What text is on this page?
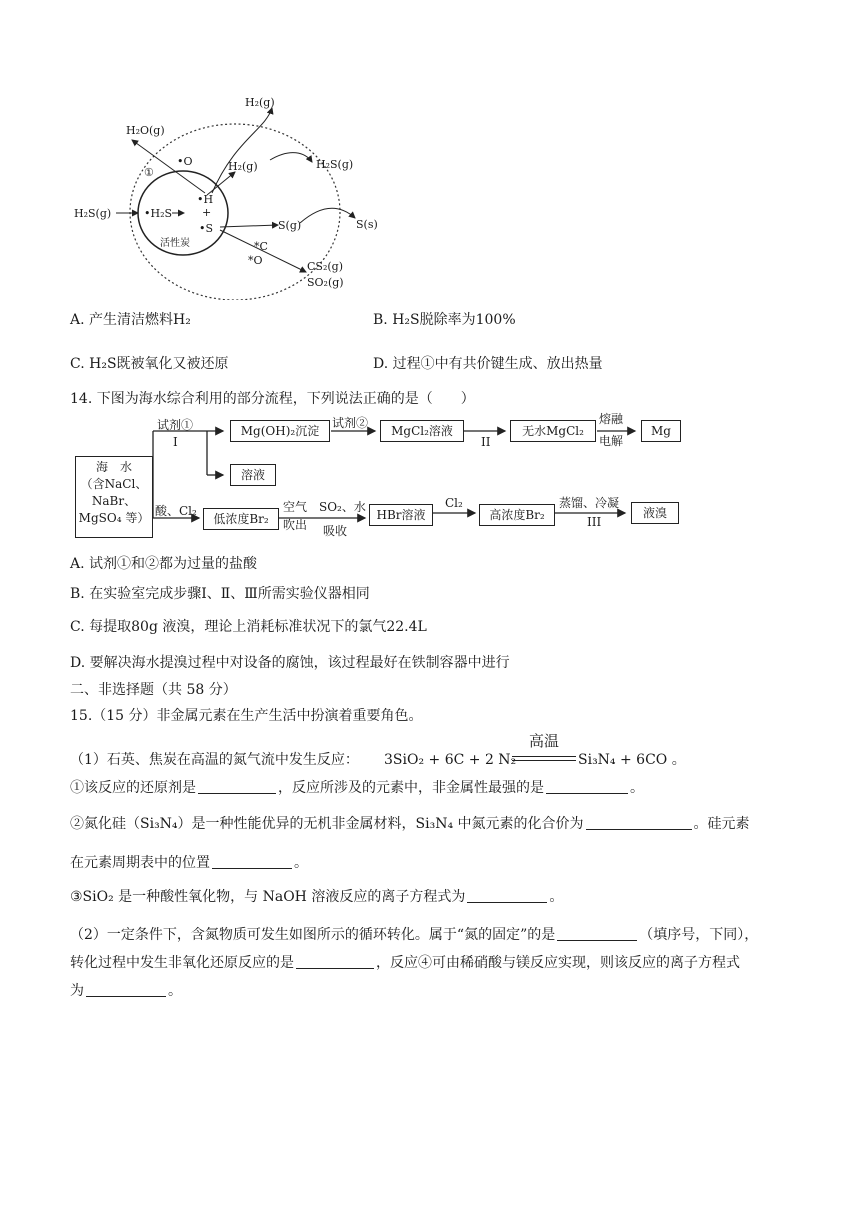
H₂(g)
H₂O(g)
•O
①
•H
+
•S
H₂(g)	H₂S(g)
H₂S(g)	•H₂S
S(g)	S(s)
活性炭	*C
*O	CS₂(g)
SO₂(g)
A. 产生清洁燃料H₂	B. H₂S脱除率为100%
C. H₂S既被氧化又被还原	D. 过程①中有共价键生成、放出热量
14. 下图为海水综合利用的部分流程，下列说法正确的是（　　）
海　水
（含NaCl、
NaBr、
MgSO₄ 等）
试剂①
I
Mg(OH)₂沉淀
溶液
试剂②
MgCl₂溶液
II
无水MgCl₂
熔融
电解
Mg
酸、Cl₂
低浓度Br₂
空气
吹出
SO₂、水
吸收
HBr溶液
Cl₂
高浓度Br₂
蒸馏、冷凝
III
液溴
A. 试剂①和②都为过量的盐酸
B. 在实验室完成步骤Ⅰ、Ⅱ、Ⅲ所需实验仪器相同
C. 每提取80g 液溴，理论上消耗标准状况下的氯气22.4L
D. 要解决海水提溴过程中对设备的腐蚀，该过程最好在铁制容器中进行
二、非选择题（共 58 分）
15.（15 分）非金属元素在生产生活中扮演着重要角色。
（1）石英、焦炭在高温的氮气流中发生反应： 3SiO₂ + 6C + 2 N₂
高温
Si₃N₄ + 6CO 。
①该反应的还原剂是	，反应所涉及的元素中，非金属性最强的是	。
②氮化硅（Si₃N₄）是一种性能优异的无机非金属材料，Si₃N₄ 中氮元素的化合价为	。硅元素
在元素周期表中的位置	。
③SiO₂ 是一种酸性氧化物，与 NaOH 溶液反应的离子方程式为	。
（2）一定条件下，含氮物质可发生如图所示的循环转化。属于“氮的固定”的是	（填序号，下同），
转化过程中发生非氧化还原反应的是	，反应④可由稀硝酸与镁反应实现，则该反应的离子方程式
为	。
